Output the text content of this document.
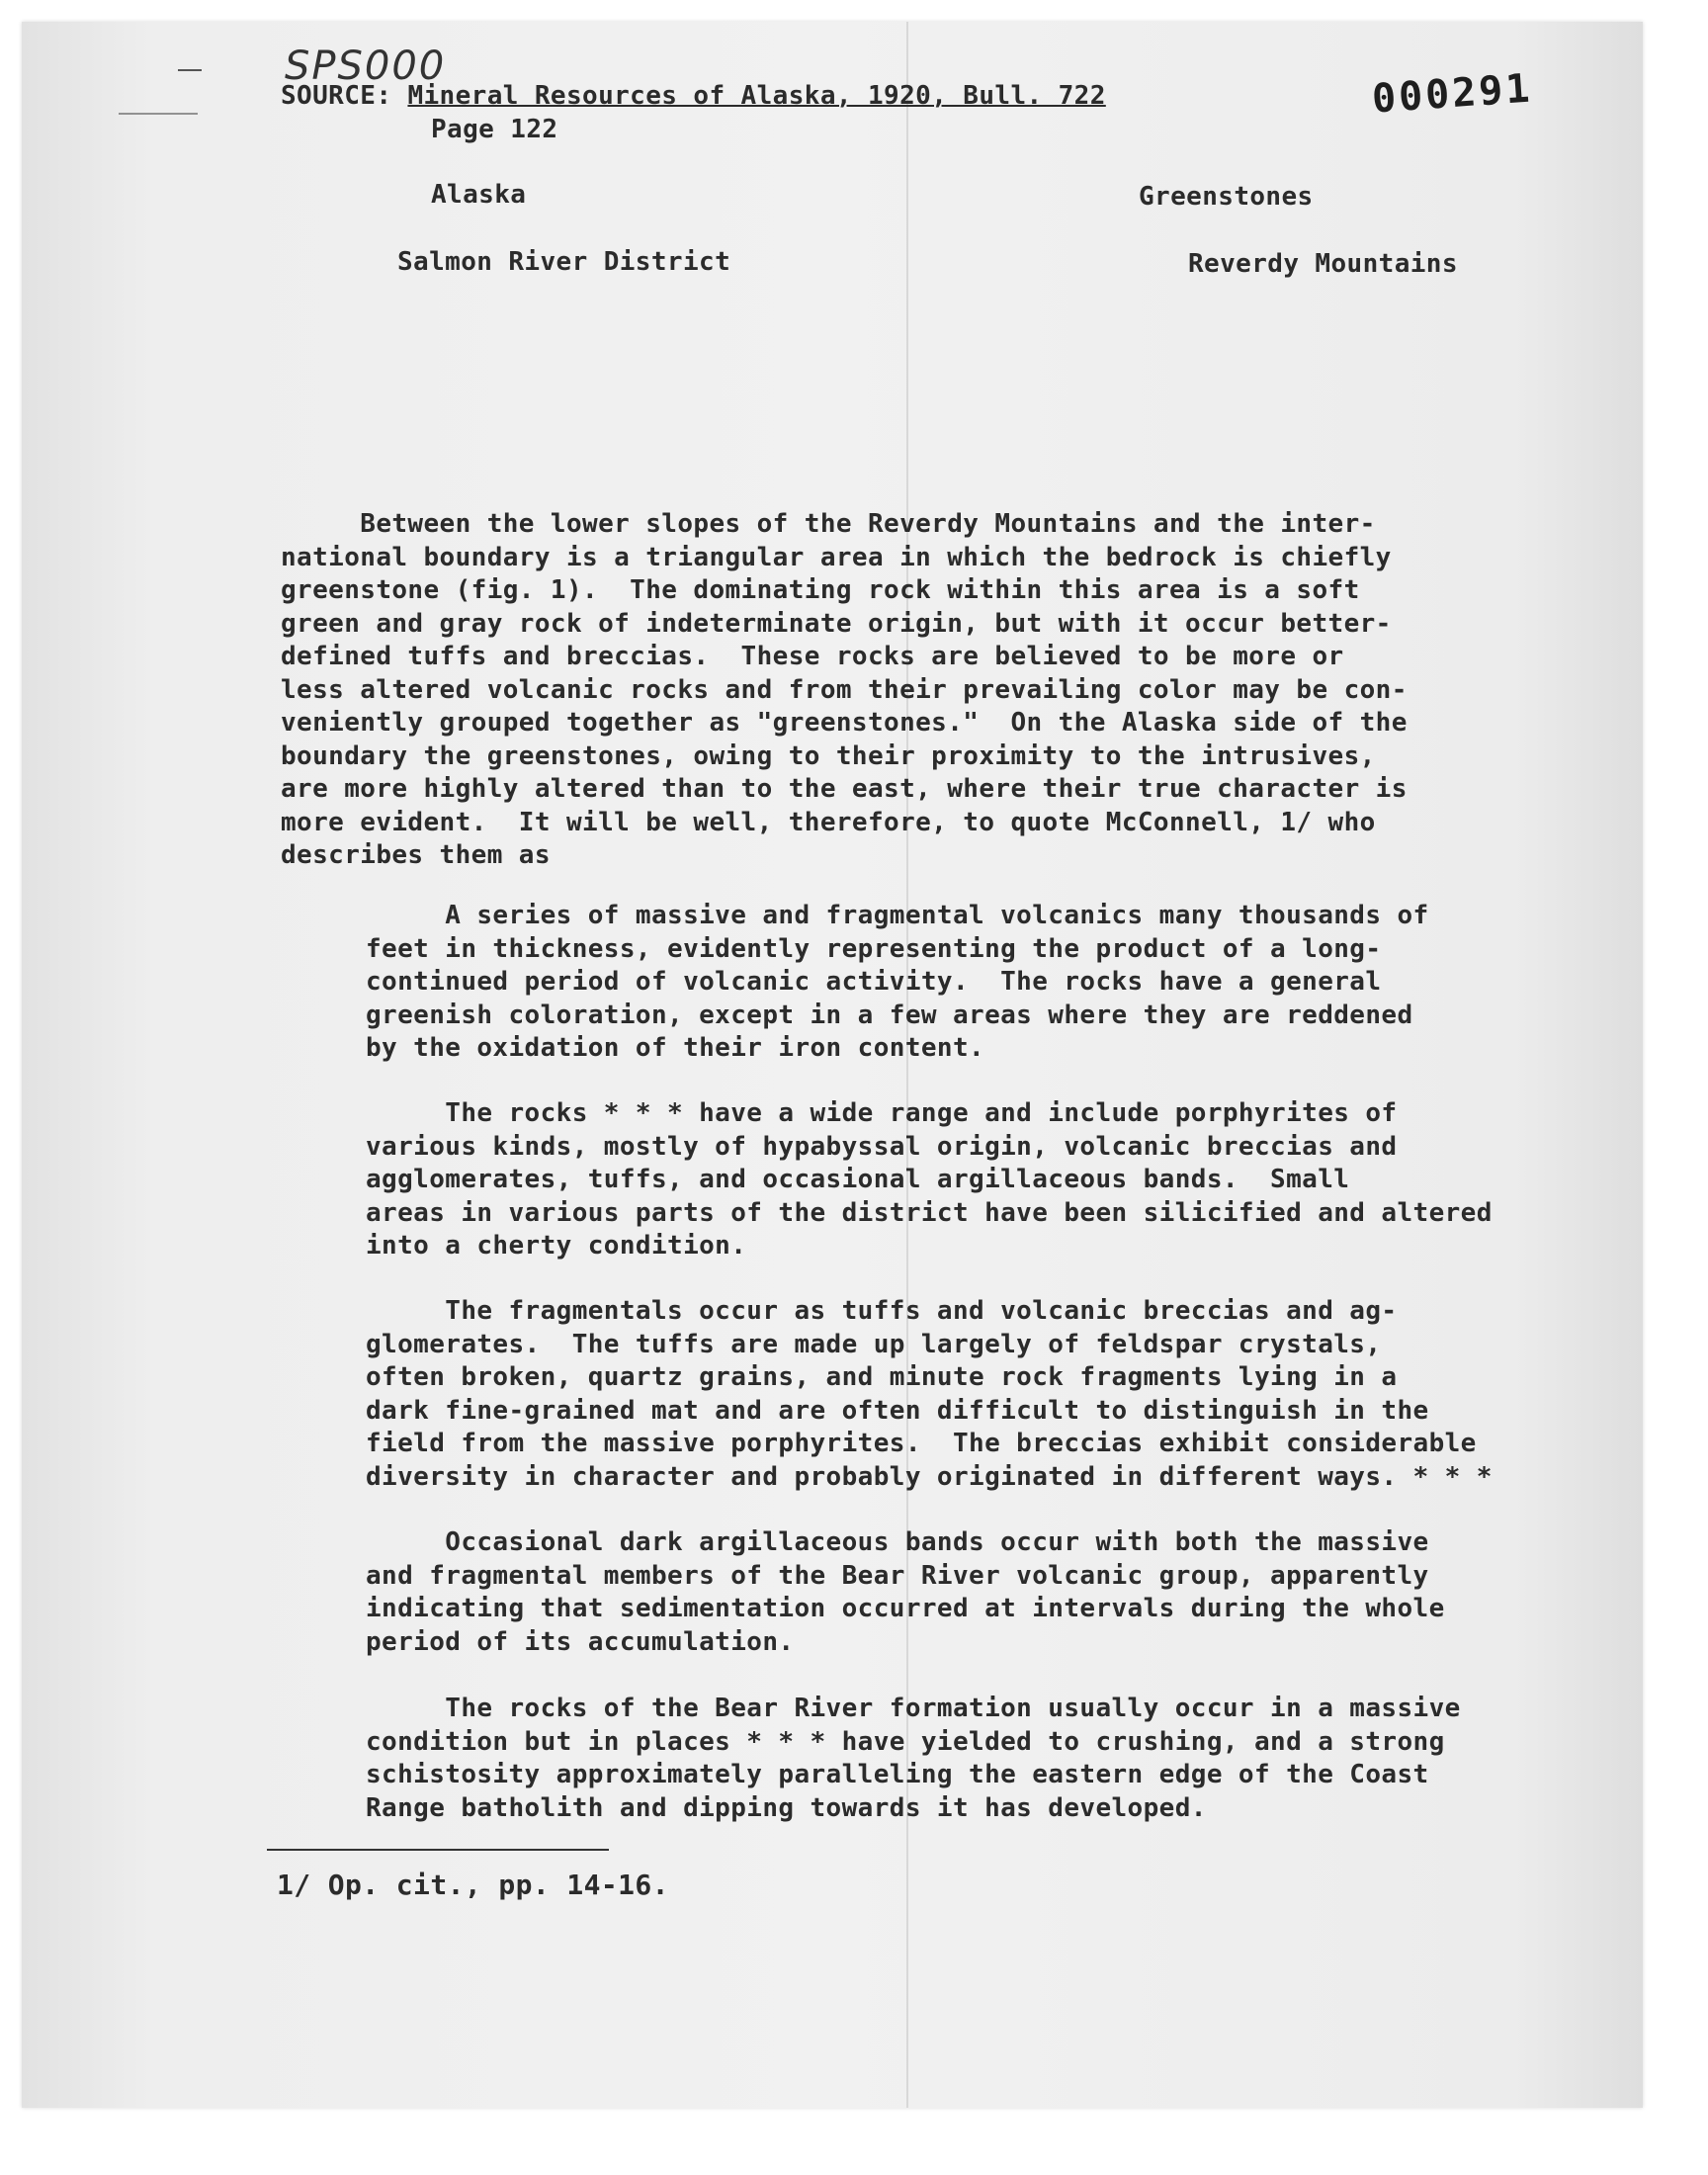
SPS000	000291
SOURCE: Mineral Resources of Alaska, 1920, Bull. 722
Page 122
Alaska
Salmon River District
Greenstones
Reverdy Mountains
Between the lower slopes of the Reverdy Mountains and the inter-
national boundary is a triangular area in which the bedrock is chiefly
greenstone (fig. 1).  The dominating rock within this area is a soft
green and gray rock of indeterminate origin, but with it occur better-
defined tuffs and breccias.  These rocks are believed to be more or
less altered volcanic rocks and from their prevailing color may be con-
veniently grouped together as "greenstones."  On the Alaska side of the
boundary the greenstones, owing to their proximity to the intrusives,
are more highly altered than to the east, where their true character is
more evident.  It will be well, therefore, to quote McConnell, 1/ who
describes them as
A series of massive and fragmental volcanics many thousands of
feet in thickness, evidently representing the product of a long-
continued period of volcanic activity.  The rocks have a general
greenish coloration, except in a few areas where they are reddened
by the oxidation of their iron content.
The rocks * * * have a wide range and include porphyrites of
various kinds, mostly of hypabyssal origin, volcanic breccias and
agglomerates, tuffs, and occasional argillaceous bands.  Small
areas in various parts of the district have been silicified and altered
into a cherty condition.
The fragmentals occur as tuffs and volcanic breccias and ag-
glomerates.  The tuffs are made up largely of feldspar crystals,
often broken, quartz grains, and minute rock fragments lying in a
dark fine-grained mat and are often difficult to distinguish in the
field from the massive porphyrites.  The breccias exhibit considerable
diversity in character and probably originated in different ways. * * *
Occasional dark argillaceous bands occur with both the massive
and fragmental members of the Bear River volcanic group, apparently
indicating that sedimentation occurred at intervals during the whole
period of its accumulation.
The rocks of the Bear River formation usually occur in a massive
condition but in places * * * have yielded to crushing, and a strong
schistosity approximately paralleling the eastern edge of the Coast
Range batholith and dipping towards it has developed.
1/ Op. cit., pp. 14-16.
